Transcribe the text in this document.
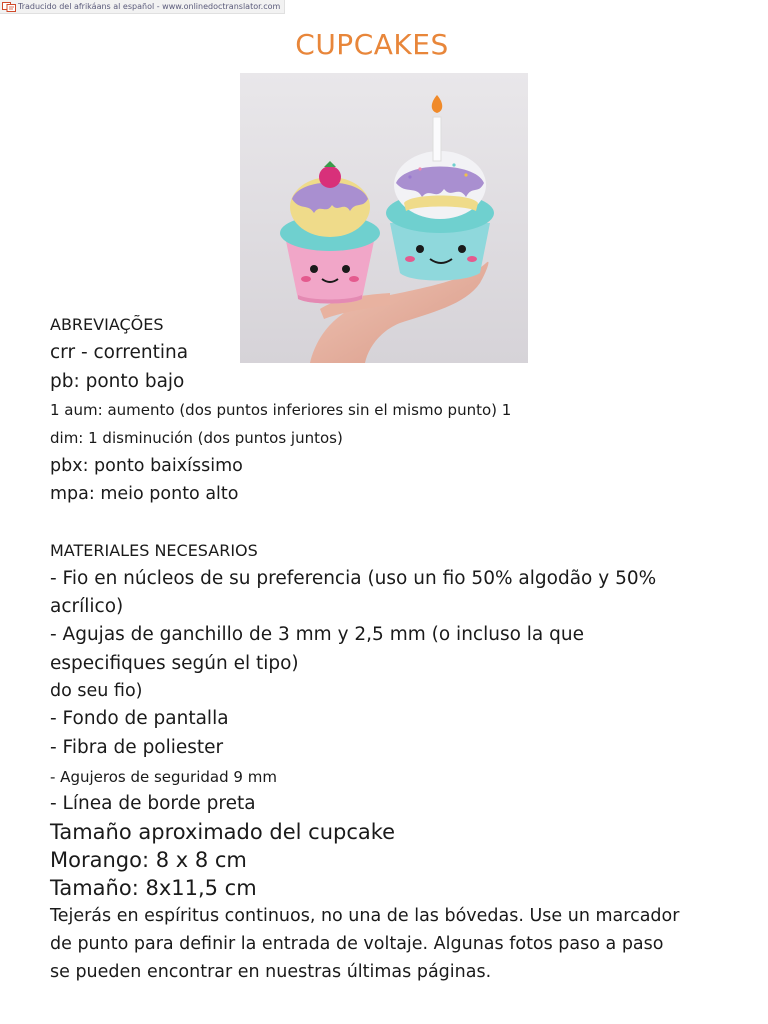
Traducido del afrikáans al español - www.onlinedoctranslator.com
CUPCAKES
ABREVIAÇÕES
crr - correntina
pb: ponto bajo
1 aum: aumento (dos puntos inferiores sin el mismo punto) 1
dim: 1 disminución (dos puntos juntos)
pbx: ponto baixíssimo
mpa: meio ponto alto
MATERIALES NECESARIOS
- Fio en núcleos de su preferencia (uso un fio 50% algodão y 50%
acrílico)
- Agujas de ganchillo de 3 mm y 2,5 mm (o incluso la que
especifiques según el tipo)
do seu fio)
- Fondo de pantalla
- Fibra de poliester
- Agujeros de seguridad 9 mm
- Línea de borde preta
Tamaño aproximado del cupcake
Morango: 8 x 8 cm
Tamaño: 8x11,5 cm
Tejerás en espíritus continuos, no una de las bóvedas. Use un marcador
de punto para definir la entrada de voltaje. Algunas fotos paso a paso
se pueden encontrar en nuestras últimas páginas.
